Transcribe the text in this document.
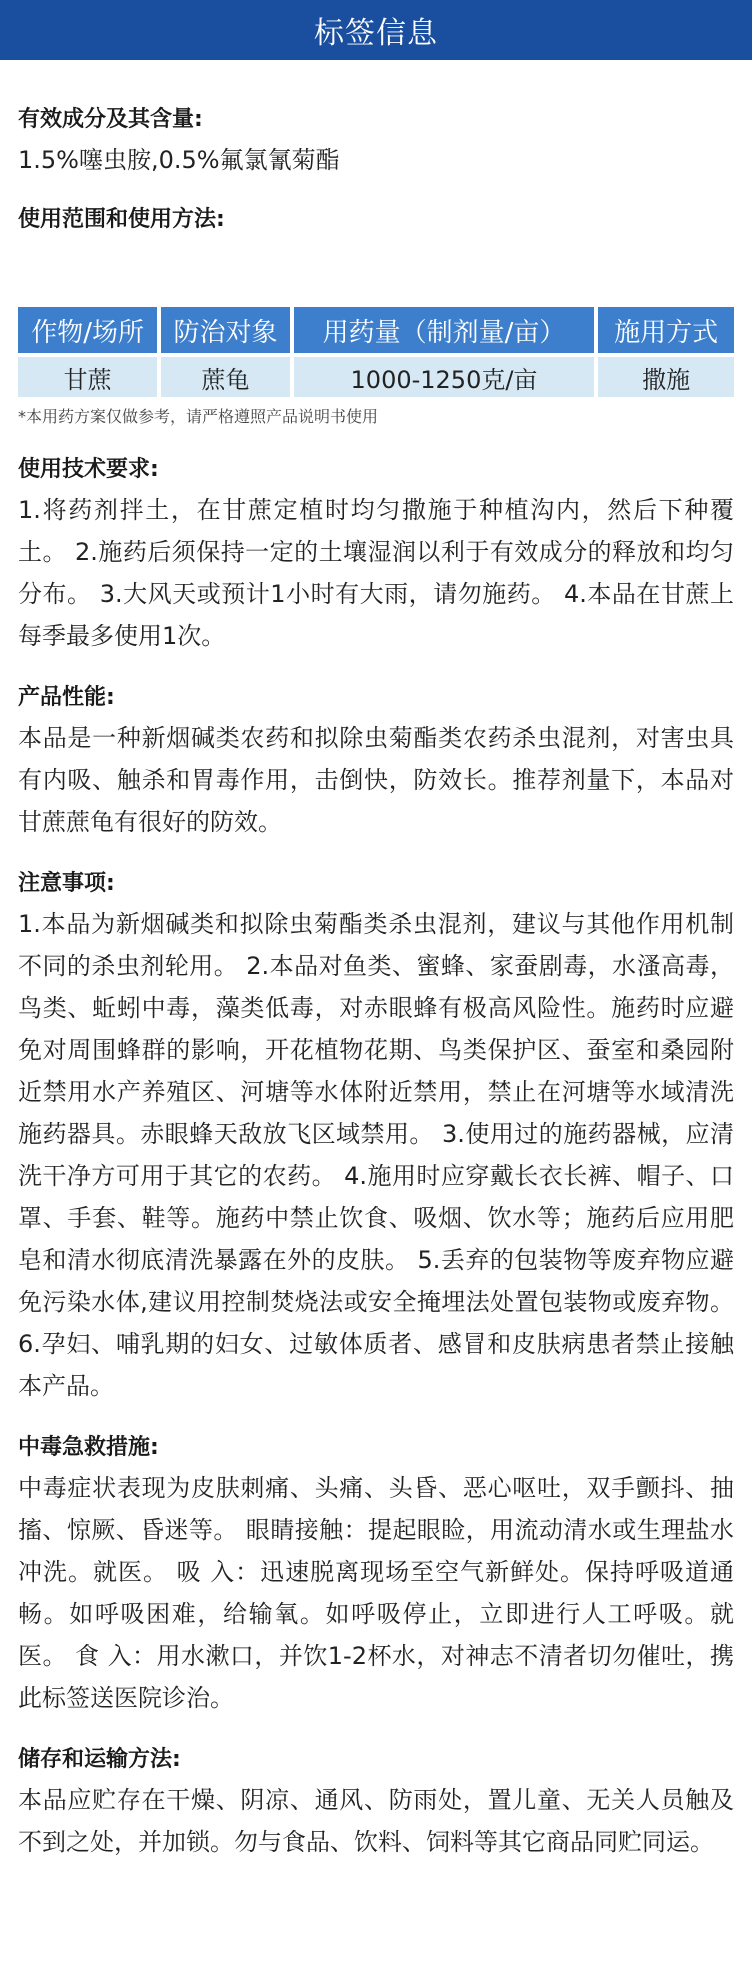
标签信息
有效成分及其含量:
1.5%噻虫胺,0.5%氟氯氰菊酯
使用范围和使用方法:
作物/场所	防治对象	用药量（制剂量/亩）	施用方式
甘蔗	蔗龟	1000-1250克/亩	撒施
*本用药方案仅做参考，请严格遵照产品说明书使用
使用技术要求:
1.将药剂拌土，在甘蔗定植时均匀撒施于种植沟内，然后下种覆土。 2.施药后须保持一定的土壤湿润以利于有效成分的释放和均匀分布。 3.大风天或预计1小时有大雨，请勿施药。 4.本品在甘蔗上每季最多使用1次。
产品性能:
本品是一种新烟碱类农药和拟除虫菊酯类农药杀虫混剂，对害虫具有内吸、触杀和胃毒作用，击倒快，防效长。推荐剂量下，本品对甘蔗蔗龟有很好的防效。
注意事项:
1.本品为新烟碱类和拟除虫菊酯类杀虫混剂，建议与其他作用机制不同的杀虫剂轮用。 2.本品对鱼类、蜜蜂、家蚕剧毒，水溞高毒，鸟类、蚯蚓中毒，藻类低毒，对赤眼蜂有极高风险性。施药时应避免对周围蜂群的影响，开花植物花期、鸟类保护区、蚕室和桑园附近禁用水产养殖区、河塘等水体附近禁用，禁止在河塘等水域清洗施药器具。赤眼蜂天敌放飞区域禁用。 3.使用过的施药器械，应清洗干净方可用于其它的农药。 4.施用时应穿戴长衣长裤、帽子、口罩、手套、鞋等。施药中禁止饮食、吸烟、饮水等；施药后应用肥皂和清水彻底清洗暴露在外的皮肤。 5.丢弃的包装物等废弃物应避免污染水体,建议用控制焚烧法或安全掩埋法处置包装物或废弃物。 6.孕妇、哺乳期的妇女、过敏体质者、感冒和皮肤病患者禁止接触本产品。
中毒急救措施:
中毒症状表现为皮肤刺痛、头痛、头昏、恶心呕吐，双手颤抖、抽搐、惊厥、昏迷等。 眼睛接触：提起眼睑，用流动清水或生理盐水冲洗。就医。 吸 入：迅速脱离现场至空气新鲜处。保持呼吸道通畅。如呼吸困难，给输氧。如呼吸停止，立即进行人工呼吸。就医。 食 入：用水漱口，并饮1-2杯水，对神志不清者切勿催吐，携此标签送医院诊治。
储存和运输方法:
本品应贮存在干燥、阴凉、通风、防雨处，置儿童、无关人员触及不到之处，并加锁。勿与食品、饮料、饲料等其它商品同贮同运。
